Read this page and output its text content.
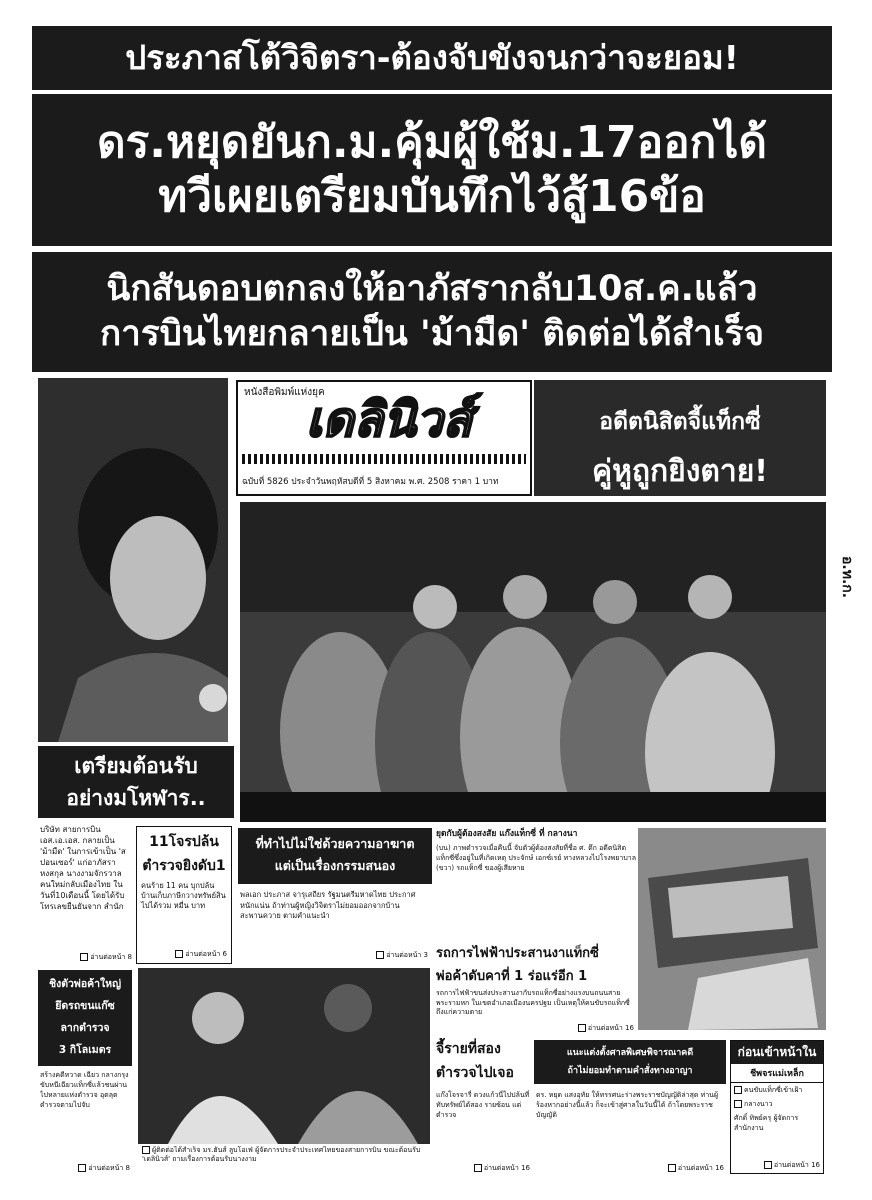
ประภาสโต้วิจิตรา-ต้องจับขังจนกว่าจะยอม!
ดร.หยุดยันก.ม.คุ้มผู้ใช้ม.17ออกได้
ทวีเผยเตรียมบันทึกไว้สู้16ข้อ
นิกสันดอบตกลงให้อาภัสรากลับ10ส.ค.แล้ว
การบินไทยกลายเป็น 'ม้ามืด' ติดต่อได้สำเร็จ
หนังสือพิมพ์แห่งยุค
เดลินิวส์
ฉบับที่ 5826 ประจำวันพฤหัสบดีที่ 5 สิงหาคม พ.ศ. 2508 ราคา 1 บาท
อดีตนิสิตจี้แท็กซี่
คู่หูถูกยิงตาย!
อ.ท.ก.
เตรียมต้อนรับ
อย่างมโหฬาร..
บริษัท สายการบิน เอส.เอ.เอส. กลายเป็น 'ม้ามืด' ในการเข้าเป็น 'สปอนเซอร์' แก่อาภัสรา หงสกุล นางงามจักรวาลคนใหม่กลับเมืองไทย ในวันที่10เดือนนี้ โดยได้รับโทรเลขยืนยันจาก สำนัก
อ่านต่อหน้า 8
11โจรปล้น
ตำรวจยิงดับ1
คนร้าย 11 คน บุกปล้นบ้านเก็บภาษีกวางทรัพย์สินไปได้รวม หมื่น บาท
อ่านต่อหน้า 6
ที่ทำไปไม่ใช่ด้วยความอาฆาต
แต่เป็นเรื่องกรรมสนอง
พลเอก ประภาส จารุเสถียร รัฐมนตรีมหาดไทย ประกาศหนักแน่น ถ้าท่านผู้หญิงวิจิตราไม่ยอมออกจากบ้านสะพานควาย ตามคำแนะนำ
อ่านต่อหน้า 3
ยุดกับผู้ต้องสงสัย แก๊งแท็กซี่ ที่ กลางนา
(บน) ภาพตำรวจเมื่อคืนนี้ จับตัวผู้ต้องสงสัยที่ชื่อ ศ. ตึก อดีตนิสิตแท็กซี่ซึ่งอยู่ในที่เกิดเหตุ ประจักษ์ เอกซ์เรย์ ทางหลวงไปโรงพยาบาล (ขวา) รถแท็กซี่ ของผู้เสียหาย
รถการไฟฟ้าประสานงาแท็กซี่
พ่อค้าดับคาที่ 1 ร่อแร่อีก 1
รถการไฟฟ้าขนส่งประสานงากับรถแท็กซี่อย่างแรงบนถนนสายพระรามหก ในเขตอำเภอเมืองนครปฐม เป็นเหตุให้คนขับรถแท็กซี่ถึงแก่ความตาย
อ่านต่อหน้า 16
ชิงตัวพ่อค้าใหญ่
ยึดรถขนแก๊ซ
ลากตำรวจ
3 กิโลเมตร
สร้างคดีหวาด เฉียว กลางกรุง ขับหนีเฉียวแท็กซี่แล้วชนผ่านไปหลายแห่งตำรวจ อุตลุต ตำรวจตามไปจับ
อ่านต่อหน้า 8
ผู้ติดต่อได้สำเร็จ มร.ฮันส์ ลูบโอเฟ่ ผู้จัดการประจำประเทศไทยของสายการบิน ขณะต้อนรับ 'เดลินิวส์' ถามเรื่องการต้อนรับนางงาม
จี้รายที่สอง
ตำรวจไปเจอ
แก๊งโจรจารี่ ดวงแก้วนี่ไปปล้นที่ ทับทรัพย์ได้สอง รายซ้อน แต่ตำรวจ
อ่านต่อหน้า 16
แนะแต่งตั้งศาลพิเศษพิจารณาคดี
ถ้าไม่ยอมทำตามคำสั่งทางอาญา
ดร. หยุด แสงอุทัย ให้ทรรศนะร่างพระราชบัญญัติล่าสุด ท่านผู้ร้องหากอย่างนี้แล้ว ก็จะเข้าสู่ศาลในวันนี้ได้ ถ้าโดยพระราชบัญญัติ
อ่านต่อหน้า 16
ก่อนเข้าหน้าใน
ชีพจรแม่เหล็ก
คนขับแท็กซี่เข้าเฝ้า
กลางนาว
ศักดิ์ ทิพย์ครุ ผู้จัดการ สำนักงาน
อ่านต่อหน้า 16
